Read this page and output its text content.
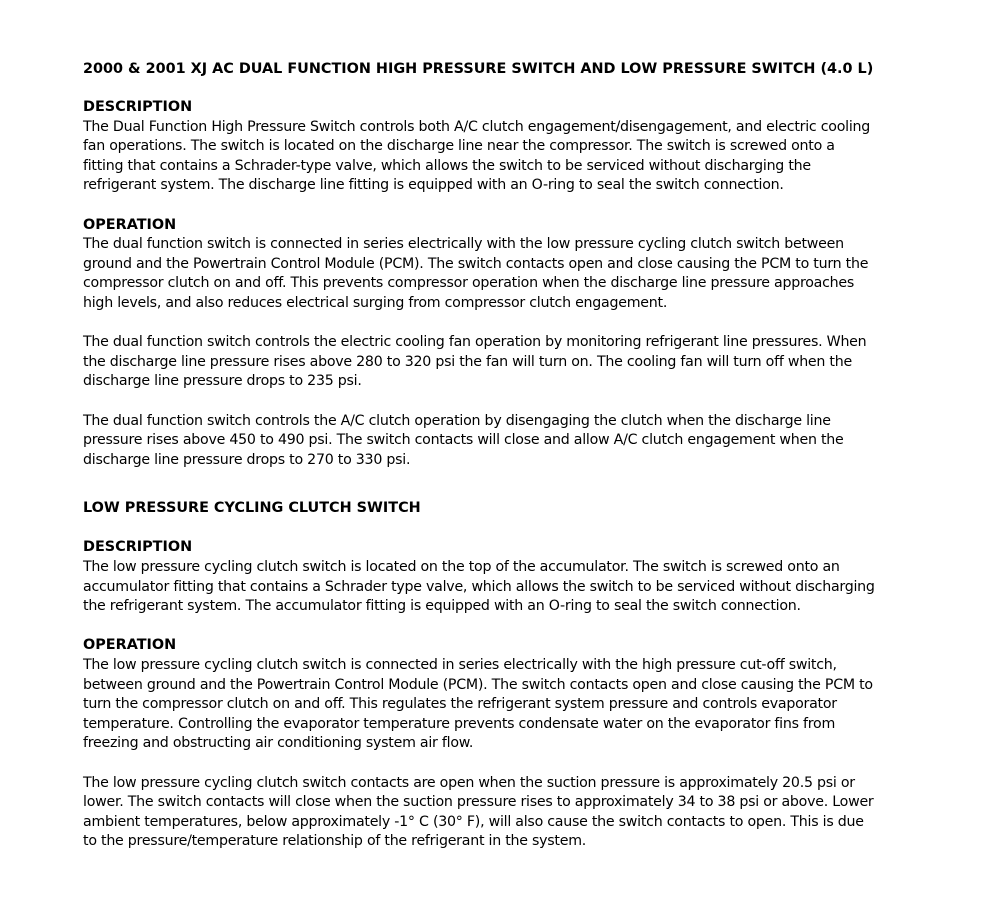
2000 & 2001 XJ AC DUAL FUNCTION HIGH PRESSURE SWITCH AND LOW PRESSURE SWITCH (4.0 L)

DESCRIPTION

The Dual Function High Pressure Switch controls both A/C clutch engagement/disengagement, and electric cooling
fan operations. The switch is located on the discharge line near the compressor. The switch is screwed onto a
fitting that contains a Schrader-type valve, which allows the switch to be serviced without discharging the
refrigerant system. The discharge line fitting is equipped with an O-ring to seal the switch connection.

OPERATION

The dual function switch is connected in series electrically with the low pressure cycling clutch switch between
ground and the Powertrain Control Module (PCM). The switch contacts open and close causing the PCM to turn the
compressor clutch on and off. This prevents compressor operation when the discharge line pressure approaches
high levels, and also reduces electrical surging from compressor clutch engagement.

The dual function switch controls the electric cooling fan operation by monitoring refrigerant line pressures. When
the discharge line pressure rises above 280 to 320 psi the fan will turn on. The cooling fan will turn off when the
discharge line pressure drops to 235 psi.

The dual function switch controls the A/C clutch operation by disengaging the clutch when the discharge line
pressure rises above 450 to 490 psi. The switch contacts will close and allow A/C clutch engagement when the
discharge line pressure drops to 270 to 330 psi.

LOW PRESSURE CYCLING CLUTCH SWITCH

DESCRIPTION

The low pressure cycling clutch switch is located on the top of the accumulator. The switch is screwed onto an
accumulator fitting that contains a Schrader type valve, which allows the switch to be serviced without discharging
the refrigerant system. The accumulator fitting is equipped with an O-ring to seal the switch connection.

OPERATION

The low pressure cycling clutch switch is connected in series electrically with the high pressure cut-off switch,
between ground and the Powertrain Control Module (PCM). The switch contacts open and close causing the PCM to
turn the compressor clutch on and off. This regulates the refrigerant system pressure and controls evaporator
temperature. Controlling the evaporator temperature prevents condensate water on the evaporator fins from
freezing and obstructing air conditioning system air flow.

The low pressure cycling clutch switch contacts are open when the suction pressure is approximately 20.5 psi or
lower. The switch contacts will close when the suction pressure rises to approximately 34 to 38 psi or above. Lower
ambient temperatures, below approximately -1° C (30° F), will also cause the switch contacts to open. This is due
to the pressure/temperature relationship of the refrigerant in the system.
